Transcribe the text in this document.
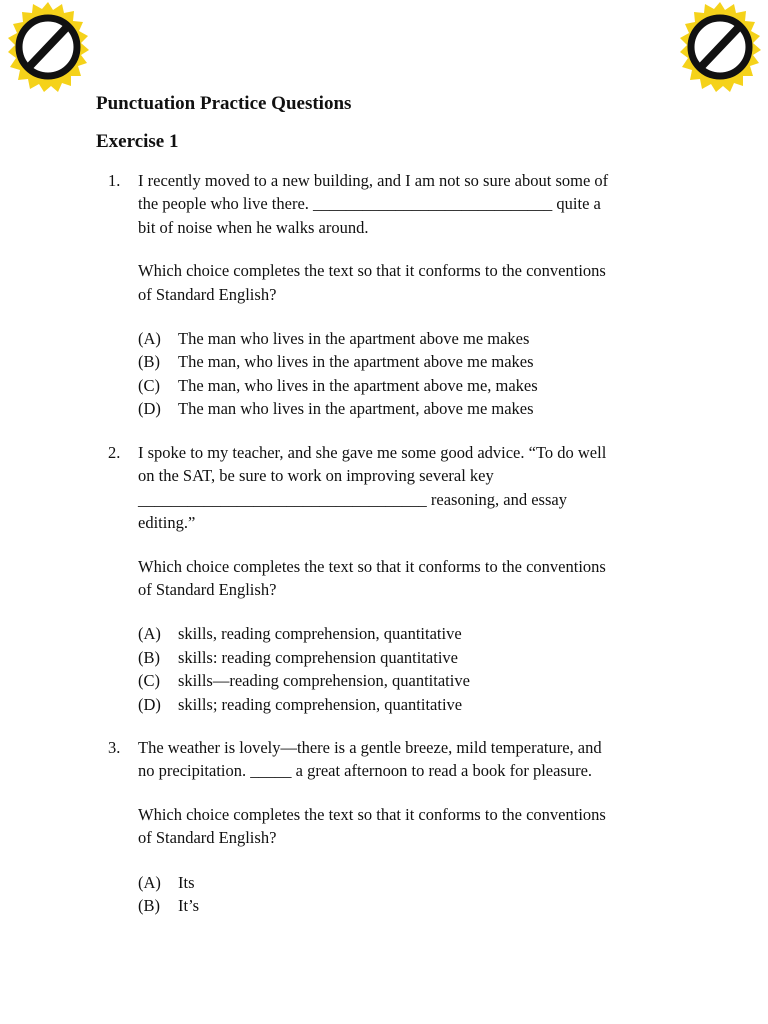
Punctuation Practice Questions
Exercise 1
1. I recently moved to a new building, and I am not so sure about some of
the people who live there. _____________________________ quite a
bit of noise when he walks around.
Which choice completes the text so that it conforms to the conventions
of Standard English?
(A)	The man who lives in the apartment above me makes
(B)	The man, who lives in the apartment above me makes
(C)	The man, who lives in the apartment above me, makes
(D)	The man who lives in the apartment, above me makes
2. I spoke to my teacher, and she gave me some good advice. “To do well
on the SAT, be sure to work on improving several key
___________________________________ reasoning, and essay
editing.”
Which choice completes the text so that it conforms to the conventions
of Standard English?
(A)	skills, reading comprehension, quantitative
(B)	skills: reading comprehension quantitative
(C)	skills—reading comprehension, quantitative
(D)	skills; reading comprehension, quantitative
3. The weather is lovely—there is a gentle breeze, mild temperature, and
no precipitation. _____ a great afternoon to read a book for pleasure.
Which choice completes the text so that it conforms to the conventions
of Standard English?
(A)	Its
(B)	It’s
